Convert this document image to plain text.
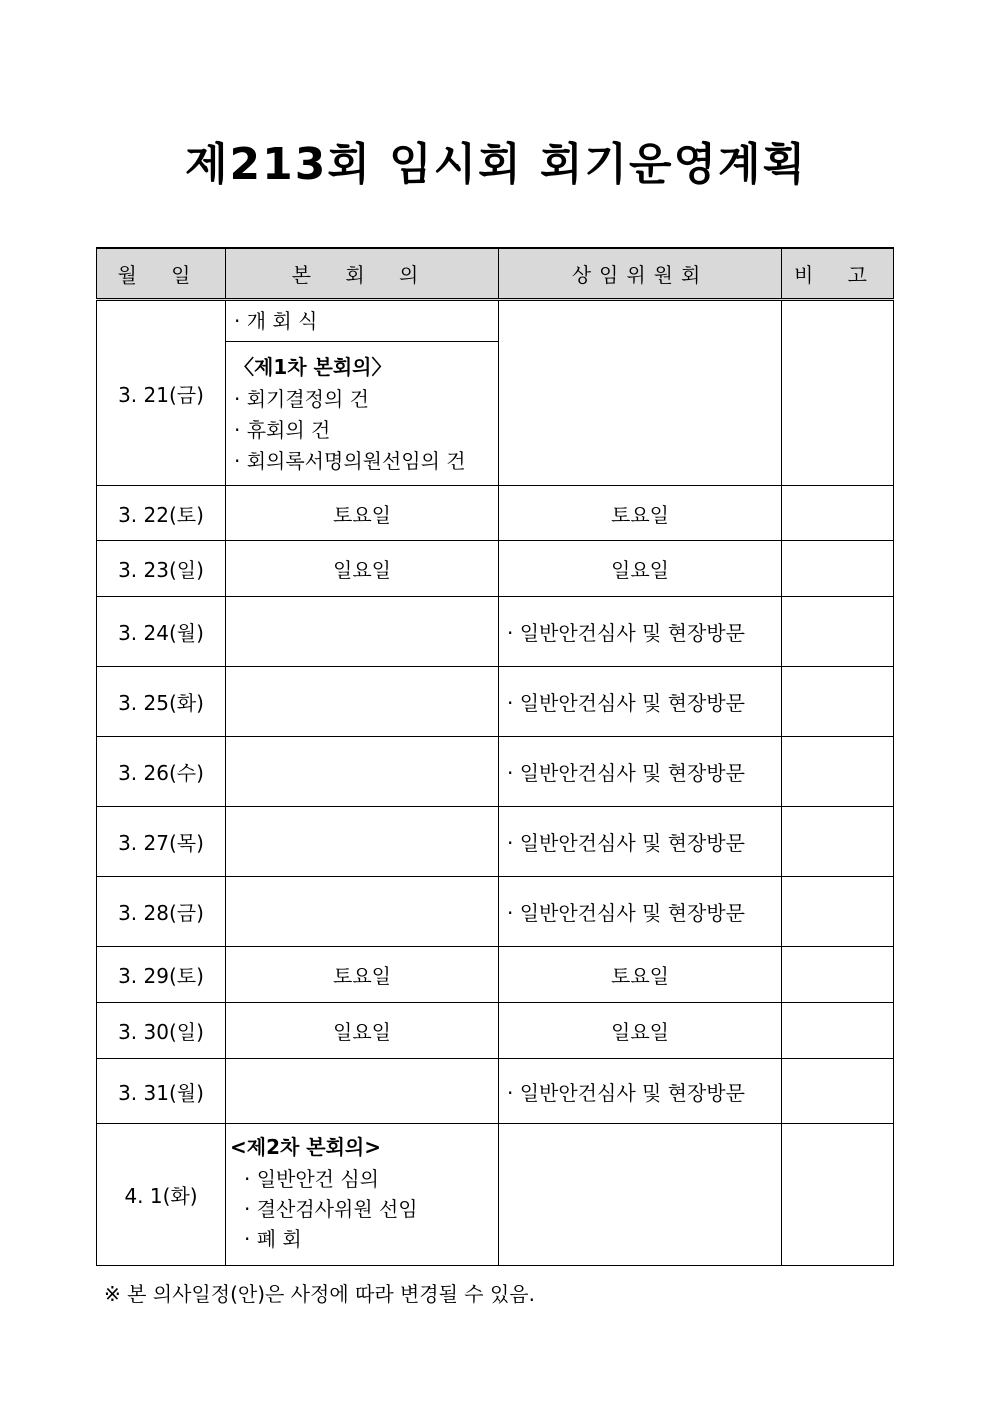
제213회 임시회 회기운영계획
월 일	본 회 의	상임위원회	비 고
3. 21(금)	· 개 회 식
〈제1차 본회의〉
· 회기결정의 건
· 휴회의 건
· 회의록서명의원선임의 건		

3. 22(토)	토요일	토요일	
3. 23(일)	일요일	일요일	
3. 24(월)		· 일반안건심사 및 현장방문	
3. 25(화)		· 일반안건심사 및 현장방문	
3. 26(수)		· 일반안건심사 및 현장방문	
3. 27(목)		· 일반안건심사 및 현장방문	
3. 28(금)		· 일반안건심사 및 현장방문	
3. 29(토)	토요일	토요일	
3. 30(일)	일요일	일요일	
3. 31(월)		· 일반안건심사 및 현장방문	
4. 1(화)	<제2차 본회의>
· 일반안건 심의
· 결산검사위원 선임
· 폐 회		

※ 본 의사일정(안)은 사정에 따라 변경될 수 있음.
